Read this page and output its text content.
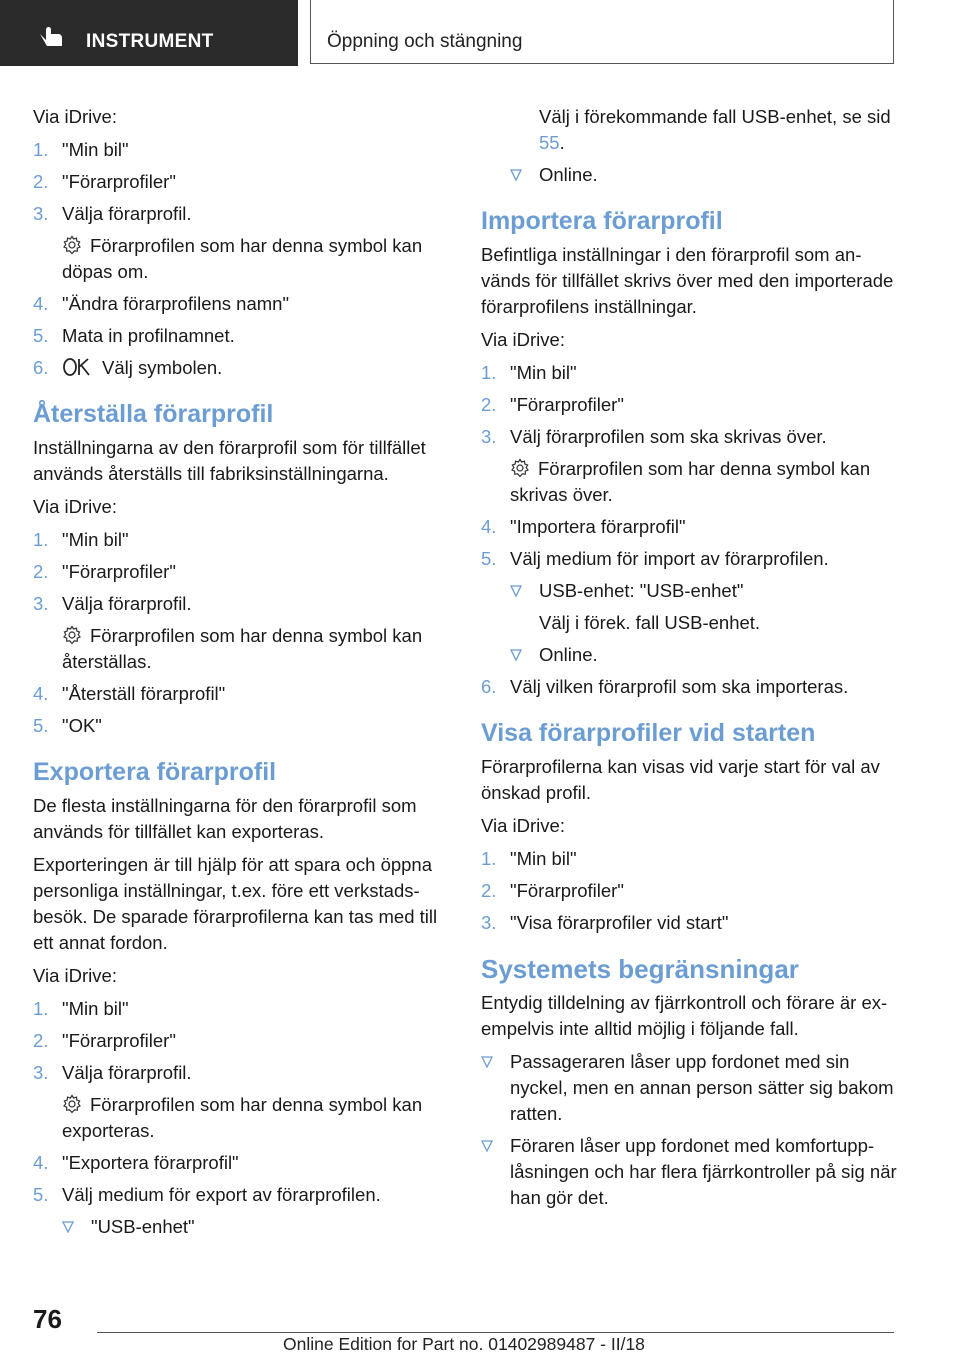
INSTRUMENT	Öppning och stängning

Via iDrive:

1. "Min bil"
2. "Förarprofiler"
3. Välja förarprofil.
Förarprofilen som har denna symbol kan döpas om.
4. "Ändra förarprofilens namn"
5. Mata in profilnamnet.
6.	Välj symbolen.
Återställa förarprofil

Inställningarna av den förarprofil som för tillfället används återställs till fabriksinställningarna.

Via iDrive:

1. "Min bil"
2. "Förarprofiler"
3. Välja förarprofil.
Förarprofilen som har denna symbol kan återställas.
4. "Återställ förarprofil"
5. "OK"
Exportera förarprofil

De flesta inställningarna för den förarprofil som används för tillfället kan exporteras.

Exporteringen är till hjälp för att spara och öppna personliga inställningar, t.ex. före ett verkstadsbesök. De sparade förarprofilerna kan tas med till ett annat fordon.

Via iDrive:

1. "Min bil"
2. "Förarprofiler"
3. Välja förarprofil.
Förarprofilen som har denna symbol kan exporteras.
4. "Exportera förarprofil"
5. Välj medium för export av förarprofilen.
"USB-enhet"
Välj i förekommande fall USB-enhet, se sid 55.
Online.
Importera förarprofil

Befintliga inställningar i den förarprofil som används för tillfället skrivs över med den importerade förarprofilens inställningar.

Via iDrive:

1. "Min bil"
2. "Förarprofiler"
3. Välj förarprofilen som ska skrivas över.
Förarprofilen som har denna symbol kan skrivas över.
4. "Importera förarprofil"
5. Välj medium för import av förarprofilen.
USB-enhet: "USB-enhet"
Välj i förek. fall USB-enhet.
Online.
6. Välj vilken förarprofil som ska importeras.
Visa förarprofiler vid starten

Förarprofilerna kan visas vid varje start för val av önskad profil.

Via iDrive:

1. "Min bil"
2. "Förarprofiler"
3. "Visa förarprofiler vid start"
Systemets begränsningar

Entydig tilldelning av fjärrkontroll och förare är exempelvis inte alltid möjlig i följande fall.

Passageraren låser upp fordonet med sin nyckel, men en annan person sätter sig bakom ratten.
Föraren låser upp fordonet med komfortupplåsningen och har flera fjärrkontroller på sig när han gör det.
76
Online Edition for Part no. 01402989487 - II/18
